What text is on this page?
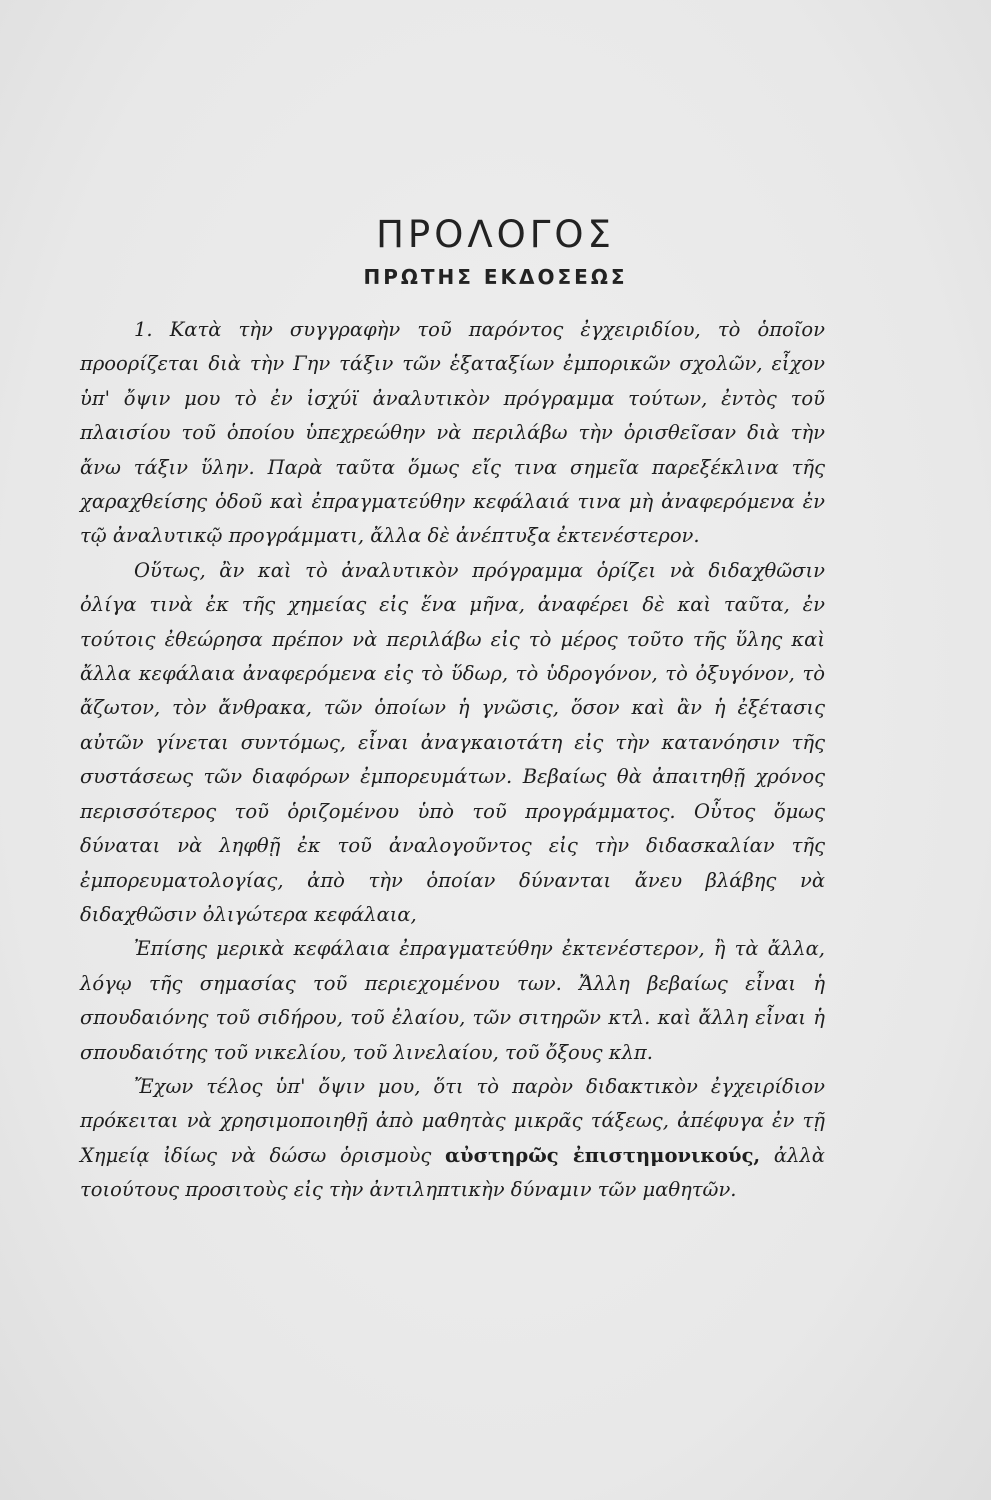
ΠΡΟΛΟΓΟΣ
ΠΡΩΤΗΣ ΕΚΔΟΣΕΩΣ

1. Κατὰ τὴν συγγραφὴν τοῦ παρόντος ἐγχειριδίου, τὸ ὁποῖον προορίζεται διὰ τὴν Γην τάξιν τῶν ἑξαταξίων ἐμπορικῶν σχολῶν, εἶχον ὑπ' ὄψιν μου τὸ ἐν ἰσχύϊ ἀναλυτικὸν πρόγραμμα τούτων, ἐντὸς τοῦ πλαισίου τοῦ ὁποίου ὑπεχρεώθην νὰ περιλάβω τὴν ὁρισθεῖσαν διὰ τὴν ἄνω τάξιν ὕλην. Παρὰ ταῦτα ὅμως εἴς τινα σημεῖα παρεξέκλινα τῆς χαραχθείσης ὁδοῦ καὶ ἐπραγματεύθην κεφάλαιά τινα μὴ ἀναφερόμενα ἐν τῷ ἀναλυτικῷ προγράμματι, ἄλλα δὲ ἀνέπτυξα ἐκτενέστερον.

Οὕτως, ἂν καὶ τὸ ἀναλυτικὸν πρόγραμμα ὁρίζει νὰ διδαχθῶσιν ὀλίγα τινὰ ἐκ τῆς χημείας εἰς ἕνα μῆνα, ἀναφέρει δὲ καὶ ταῦτα, ἐν τούτοις ἐθεώρησα πρέπον νὰ περιλάβω εἰς τὸ μέρος τοῦτο τῆς ὕλης καὶ ἄλλα κεφάλαια ἀναφερόμενα εἰς τὸ ὕδωρ, τὸ ὑδρογόνον, τὸ ὀξυγόνον, τὸ ἄζωτον, τὸν ἄνθρακα, τῶν ὁποίων ἡ γνῶσις, ὅσον καὶ ἂν ἡ ἐξέτασις αὐτῶν γίνεται συντόμως, εἶναι ἀναγκαιοτάτη εἰς τὴν κατανόησιν τῆς συστάσεως τῶν διαφόρων ἐμπορευμάτων. Βεβαίως θὰ ἀπαιτηθῇ χρόνος περισσότερος τοῦ ὁριζομένου ὑπὸ τοῦ προγράμματος. Οὗτος ὅμως δύναται νὰ ληφθῇ ἐκ τοῦ ἀναλογοῦντος εἰς τὴν διδασκαλίαν τῆς ἐμπορευματολογίας, ἀπὸ τὴν ὁποίαν δύνανται ἄνευ βλάβης νὰ διδαχθῶσιν ὀλιγώτερα κεφάλαια,

Ἐπίσης μερικὰ κεφάλαια ἐπραγματεύθην ἐκτενέστερον, ἢ τὰ ἄλλα, λόγῳ τῆς σημασίας τοῦ περιεχομένου των. Ἄλλη βεβαίως εἶναι ἡ σπουδαιόνης τοῦ σιδήρου, τοῦ ἐλαίου, τῶν σιτηρῶν κτλ. καὶ ἄλλη εἶναι ἡ σπουδαιότης τοῦ νικελίου, τοῦ λινελαίου, τοῦ ὄξους κλπ.

Ἔχων τέλος ὑπ' ὄψιν μου, ὅτι τὸ παρὸν διδακτικὸν ἐγχειρίδιον πρόκειται νὰ χρησιμοποιηθῇ ἀπὸ μαθητὰς μικρᾶς τάξεως, ἀπέφυγα ἐν τῇ Χημείᾳ ἰδίως νὰ δώσω ὁρισμοὺς αὐστηρῶς ἐπιστημονικούς, ἀλλὰ τοιούτους προσιτοὺς εἰς τὴν ἀντιληπτικὴν δύναμιν τῶν μαθητῶν.
